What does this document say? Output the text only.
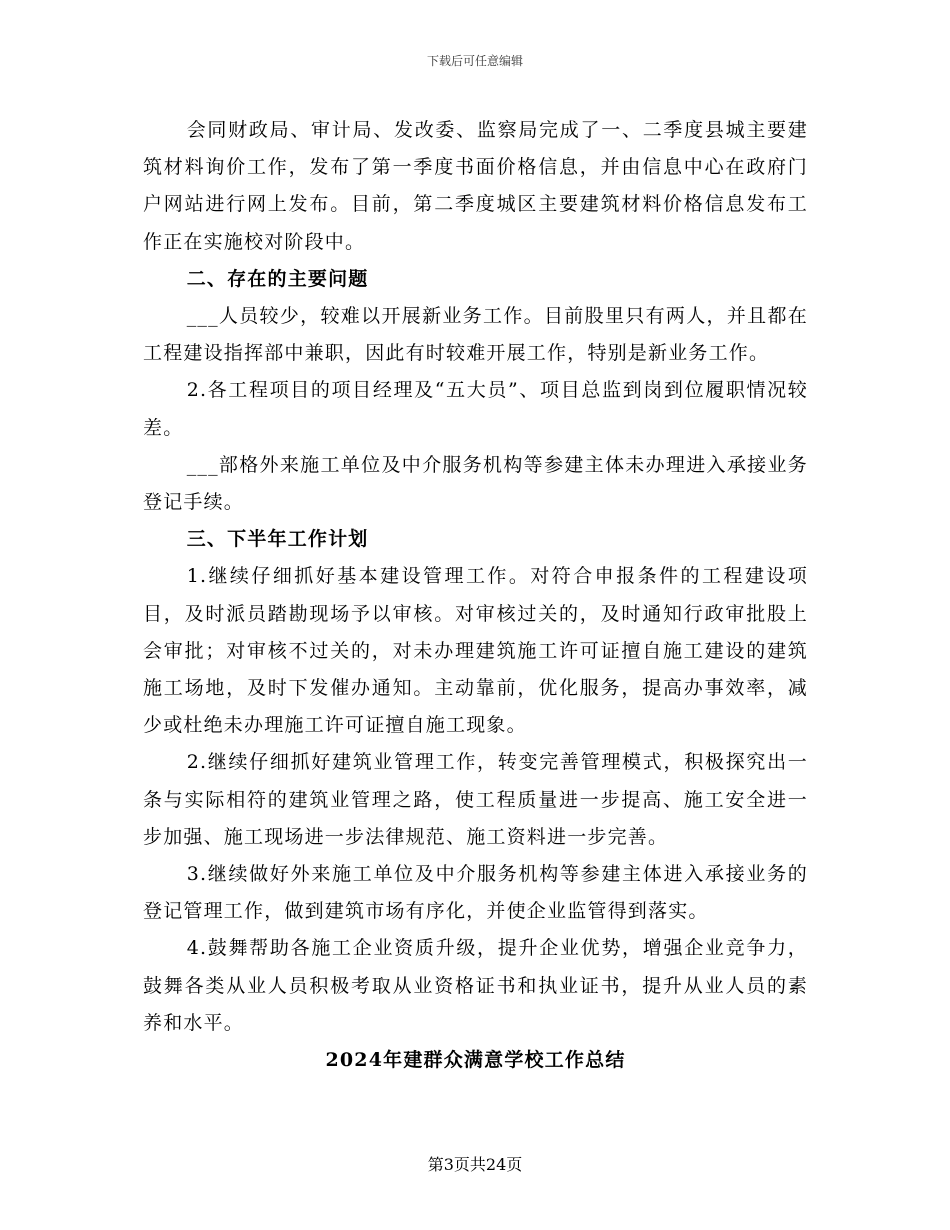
下载后可任意编辑

会同财政局、审计局、发改委、监察局完成了一、二季度县城主要建筑材料询价工作，发布了第一季度书面价格信息，并由信息中心在政府门户网站进行网上发布。目前，第二季度城区主要建筑材料价格信息发布工作正在实施校对阶段中。

二、存在的主要问题

___人员较少，较难以开展新业务工作。目前股里只有两人，并且都在工程建设指挥部中兼职，因此有时较难开展工作，特别是新业务工作。

2.各工程项目的项目经理及“五大员”、项目总监到岗到位履职情况较差。

___部格外来施工单位及中介服务机构等参建主体未办理进入承接业务登记手续。

三、下半年工作计划

1.继续仔细抓好基本建设管理工作。对符合申报条件的工程建设项目，及时派员踏勘现场予以审核。对审核过关的，及时通知行政审批股上会审批；对审核不过关的，对未办理建筑施工许可证擅自施工建设的建筑施工场地，及时下发催办通知。主动靠前，优化服务，提高办事效率，减少或杜绝未办理施工许可证擅自施工现象。

2.继续仔细抓好建筑业管理工作，转变完善管理模式，积极探究出一条与实际相符的建筑业管理之路，使工程质量进一步提高、施工安全进一步加强、施工现场进一步法律规范、施工资料进一步完善。

3.继续做好外来施工单位及中介服务机构等参建主体进入承接业务的登记管理工作，做到建筑市场有序化，并使企业监管得到落实。

4.鼓舞帮助各施工企业资质升级，提升企业优势，增强企业竞争力，鼓舞各类从业人员积极考取从业资格证书和执业证书，提升从业人员的素养和水平。

2024年建群众满意学校工作总结

第3页共24页
